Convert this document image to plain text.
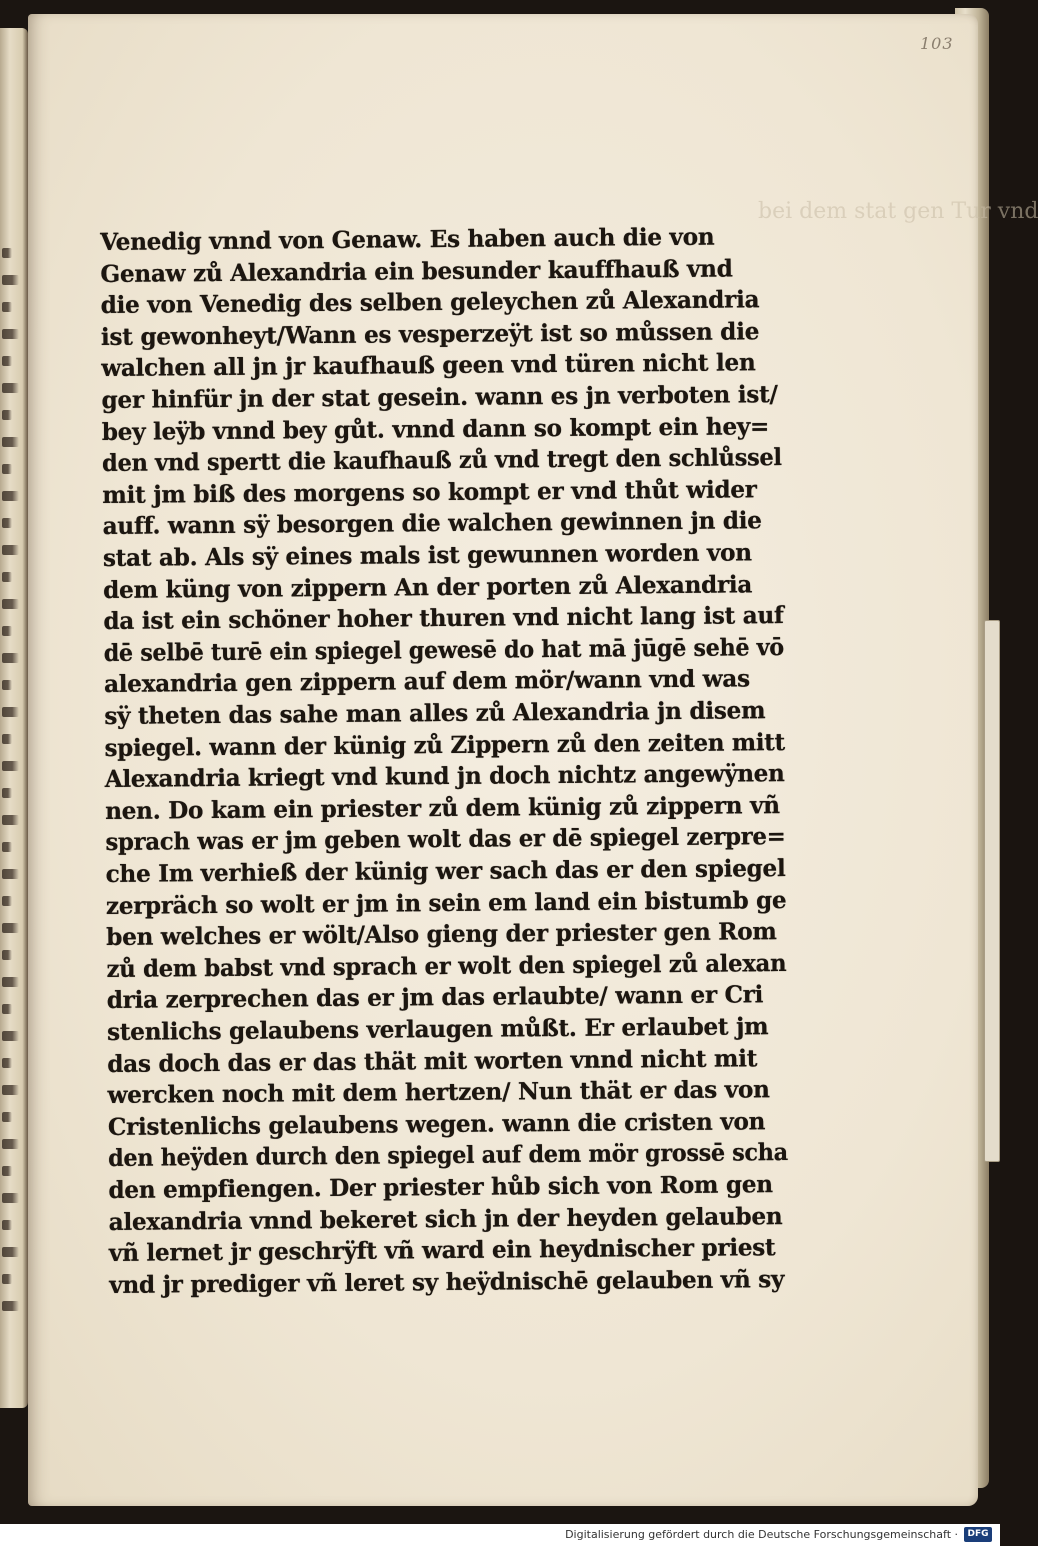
103
bei dem stat gen Tur vnd
Venedig vnnd von Genaw. Es haben auch die von
Genaw zů Alexandria ein besunder kauffhauß vnd
die von Venedig des selben geleychen zů Alexandria
ist gewonheyt/Wann es vesperzeÿt ist so můssen die
walchen all jn jr kaufhauß geen vnd türen nicht len
ger hinfür jn der stat gesein. wann es jn verboten ist/
bey leÿb vnnd bey gůt. vnnd dann so kompt ein hey=
den vnd spertt die kaufhauß zů vnd tregt den schlůssel
mit jm biß des morgens so kompt er vnd thůt wider
auff. wann sÿ besorgen die walchen gewinnen jn die
stat ab. Als sÿ eines mals ist gewunnen worden von
dem küng von zippern An der porten zů Alexandria
da ist ein schöner hoher thuren vnd nicht lang ist auf
dē selbē turē ein spiegel gewesē do hat mā jūgē sehē vō
alexandria gen zippern auf dem mör/wann vnd was
sÿ theten das sahe man alles zů Alexandria jn disem
spiegel. wann der künig zů Zippern zů den zeiten mitt
Alexandria kriegt vnd kund jn doch nichtz angewÿnen
nen. Do kam ein priester zů dem künig zů zippern vñ
sprach was er jm geben wolt das er dē spiegel zerpre=
che Im verhieß der künig wer sach das er den spiegel
zerpräch so wolt er jm in sein em land ein bistumb ge
ben welches er wölt/Also gieng der priester gen Rom
zů dem babst vnd sprach er wolt den spiegel zů alexan
dria zerprechen das er jm das erlaubte/ wann er Cri
stenlichs gelaubens verlaugen můßt. Er erlaubet jm
das doch das er das thät mit worten vnnd nicht mit
wercken noch mit dem hertzen/ Nun thät er das von
Cristenlichs gelaubens wegen. wann die cristen von
den heÿden durch den spiegel auf dem mör grossē scha
den empfiengen. Der priester hůb sich von Rom gen
alexandria vnnd bekeret sich jn der heyden gelauben
vñ lernet jr geschrÿft vñ ward ein heydnischer priest
vnd jr prediger vñ leret sy heÿdnischē gelauben vñ sy
Digitalisierung gefördert durch die Deutsche Forschungsgemeinschaft ·	DFG
